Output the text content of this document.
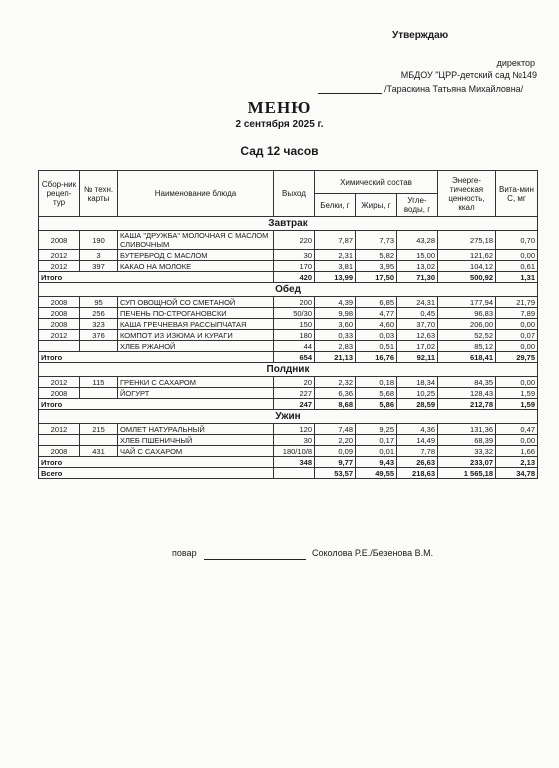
Утверждаю
директор
МБДОУ "ЦРР-детский сад №149
/Тараскина Татьяна Михайловна/
МЕНЮ
2 сентября 2025 г.
Сад 12 часов
Сбор-ник рецеп-тур	№ техн. карты	Наименование блюда	Выход	Химический состав			Энерге-тическая ценность, ккал	Вита-мин С, мг
				Белки, г	Жиры, г	Угле-воды, г		
Завтрак								
2008	190	КАША "ДРУЖБА" МОЛОЧНАЯ С МАСЛОМ СЛИВОЧНЫМ	220	7,87	7,73	43,28	275,18	0,70
2012	3	БУТЕРБРОД С МАСЛОМ	30	2,31	5,82	15,00	121,62	0,00
2012	397	КАКАО НА МОЛОКЕ	170	3,81	3,95	13,02	104,12	0,61
Итого			420	13,99	17,50	71,30	500,92	1,31
Обед								
2008	95	СУП ОВОЩНОЙ СО СМЕТАНОЙ	200	4,39	6,85	24,31	177,94	21,79
2008	256	ПЕЧЕНЬ ПО-СТРОГАНОВСКИ	50/30	9,98	4,77	0,45	96,83	7,89
2008	323	КАША ГРЕЧНЕВАЯ РАССЫПЧАТАЯ	150	3,60	4,60	37,70	206,00	0,00
2012	376	КОМПОТ ИЗ ИЗЮМА И КУРАГИ	180	0,33	0,03	12,63	52,52	0,07
		ХЛЕБ РЖАНОЙ	44	2,83	0,51	17,02	85,12	0,00
Итого			654	21,13	16,76	92,11	618,41	29,75
Полдник								
2012	115	ГРЕНКИ С САХАРОМ	20	2,32	0,18	18,34	84,35	0,00
2008		ЙОГУРТ	227	6,36	5,68	10,25	128,43	1,59
Итого			247	8,68	5,86	28,59	212,78	1,59
Ужин								
2012	215	ОМЛЕТ НАТУРАЛЬНЫЙ	120	7,48	9,25	4,36	131,36	0,47
		ХЛЕБ ПШЕНИЧНЫЙ	30	2,20	0,17	14,49	68,39	0,00
2008	431	ЧАЙ С САХАРОМ	180/10/8	0,09	0,01	7,78	33,32	1,66
Итого			348	9,77	9,43	26,63	233,07	2,13
Всего				53,57	49,55	218,63	1 565,18	34,78
повар	Соколова Р.Е./Безенова В.М.
